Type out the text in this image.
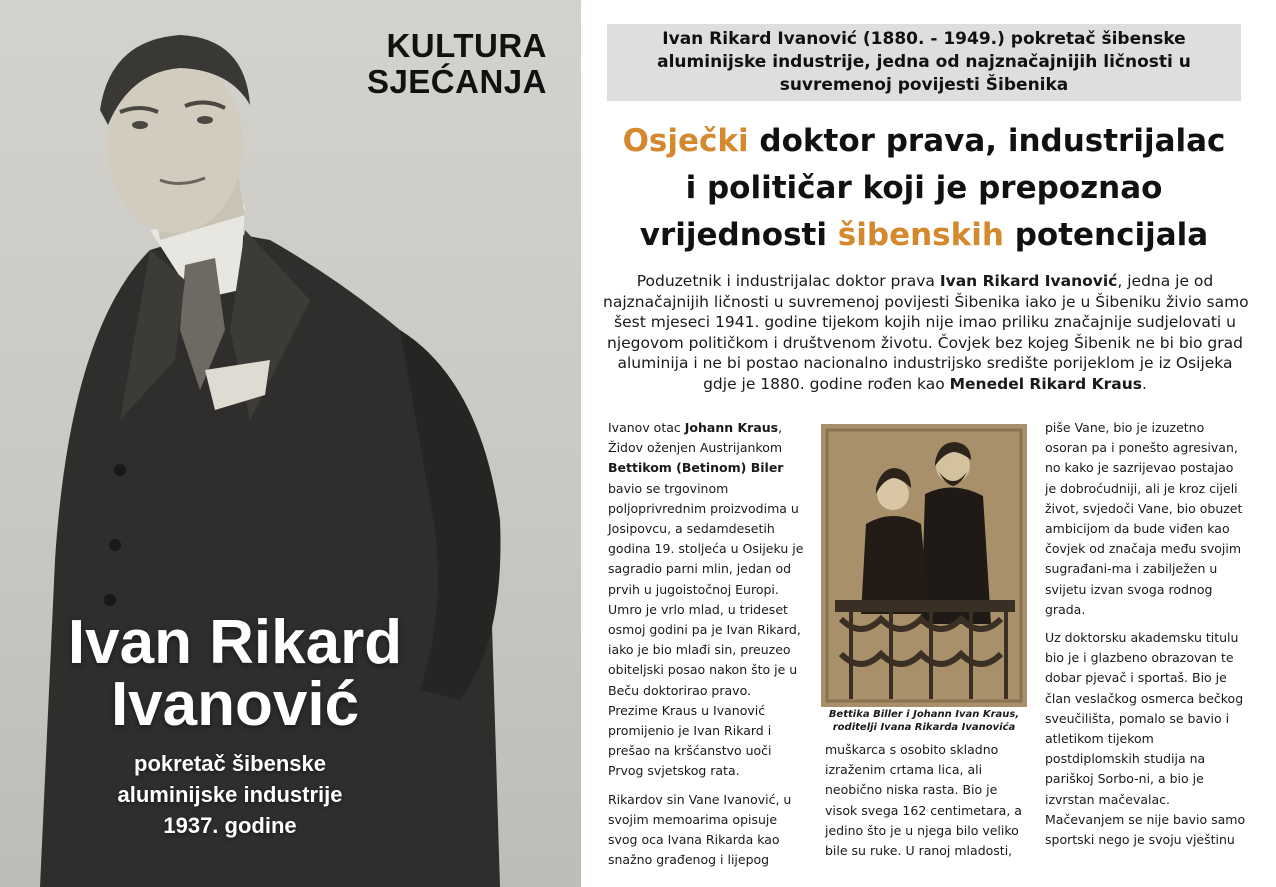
KULTURA
SJEĆANJA
Ivan Rikard
Ivanović
pokretač šibenske
aluminijske industrije
1937. godine
Ivan Rikard Ivanović (1880. - 1949.) pokretač šibenske
aluminijske industrije, jedna od najznačajnijih ličnosti u
suvremenoj povijesti Šibenika
Osječki doktor prava, industrijalac
i političar koji je prepoznao
vrijednosti šibenskih potencijala
Poduzetnik i industrijalac doktor prava Ivan Rikard Ivanović, jedna je od
najznačajnijih ličnosti u suvremenoj povijesti Šibenika iako je u Šibeniku živio samo
šest mjeseci 1941. godine tijekom kojih nije imao priliku značajnije sudjelovati u
njegovom političkom i društvenom životu. Čovjek bez kojeg Šibenik ne bi bio grad
aluminija i ne bi postao nacionalno industrijsko središte porijeklom je iz Osijeka
gdje je 1880. godine rođen kao Menedel Rikard Kraus.
Ivanov otac Johann Kraus,
Židov oženjen Austrijankom
Bettikom (Betinom) Biler
bavio se trgovinom
poljoprivrednim proizvodima u
Josipovcu, a sedamdesetih
godina 19. stoljeća u Osijeku je
sagradio parni mlin, jedan od
prvih u jugoistočnoj Europi.
Umro je vrlo mlad, u trideset
osmoj godini pa je Ivan Rikard,
iako je bio mlađi sin, preuzeo
obiteljski posao nakon što je u
Beču doktorirao pravo.
Prezime Kraus u Ivanović
promijenio je Ivan Rikard i
prešao na kršćanstvo uoči
Prvog svjetskog rata.
Rikardov sin Vane Ivanović, u
svojim memoarima opisuje
svog oca Ivana Rikarda kao
snažno građenog i lijepog
Bettika Biller i Johann Ivan Kraus,
roditelji Ivana Rikarda Ivanovića
muškarca s osobito skladno
izraženim crtama lica, ali
neobično niska rasta. Bio je
visok svega 162 centimetara, a
jedino što je u njega bilo veliko
bile su ruke. U ranoj mladosti,
piše Vane, bio je izuzetno
osoran pa i ponešto agresivan,
no kako je sazrijevao postajao
je dobroćudniji, ali je kroz cijeli
život, svjedoči Vane, bio obuzet
ambicijom da bude viđen kao
čovjek od značaja među svojim
sugrađani-ma i zabilježen u
svijetu izvan svoga rodnog
grada.
Uz doktorsku akademsku titulu
bio je i glazbeno obrazovan te
dobar pjevač i sportaš. Bio je
član veslačkog osmerca bečkog
sveučilišta, pomalo se bavio i
atletikom tijekom
postdiplomskih studija na
pariškoj Sorbo-ni, a bio je
izvrstan mačevalac.
Mačevanjem se nije bavio samo
sportski nego je svoju vještinu
